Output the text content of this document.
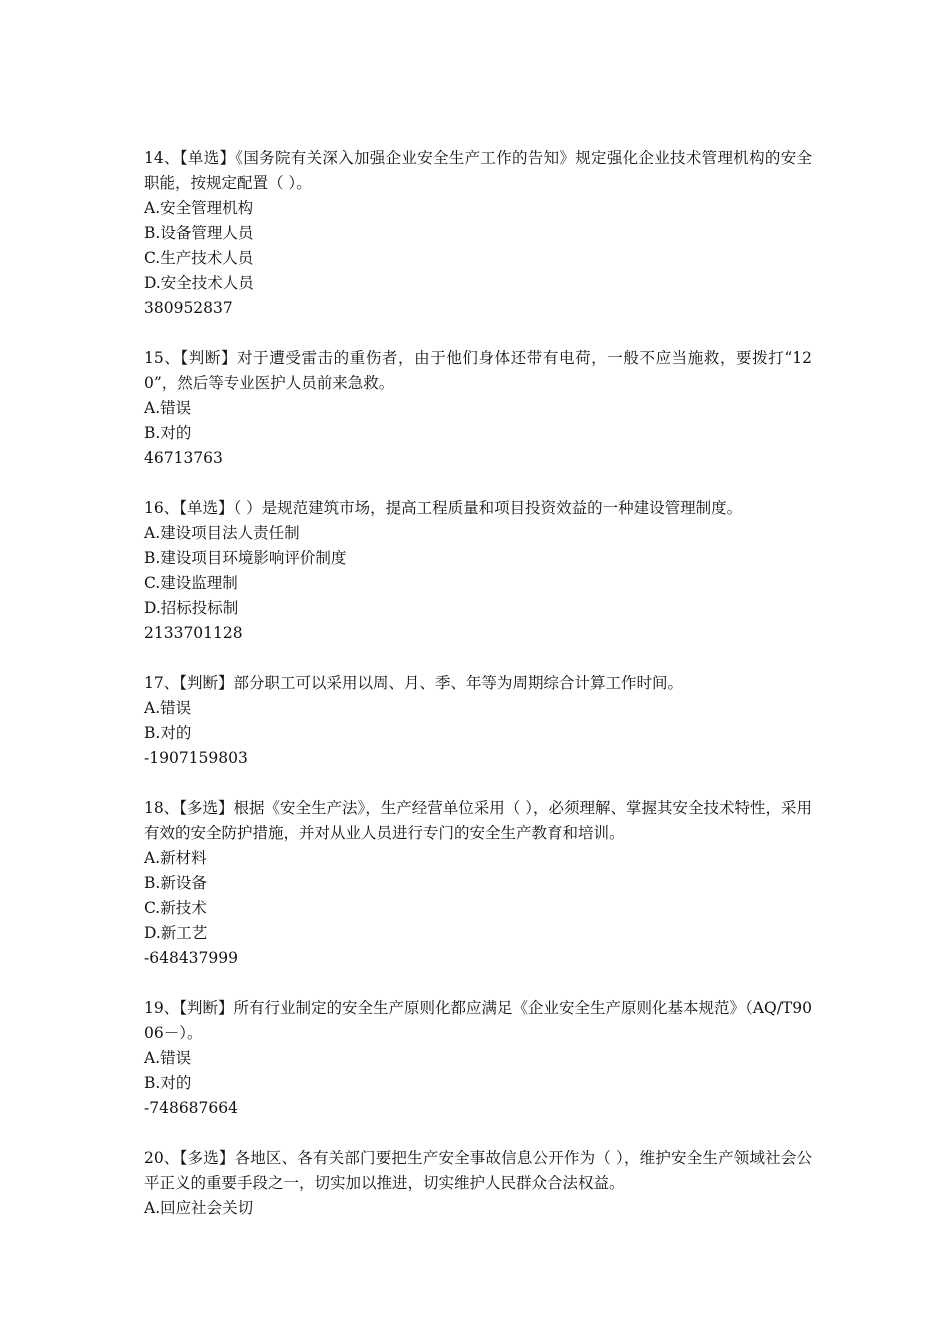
14、【单选】《国务院有关深入加强企业安全生产工作的告知》规定强化企业技术管理机构的安全职能，按规定配置（ ）。
A.安全管理机构
B.设备管理人员
C.生产技术人员
D.安全技术人员
380952837
15、【判断】对于遭受雷击的重伤者，由于他们身体还带有电荷，一般不应当施救，要拨打“120”，然后等专业医护人员前来急救。
A.错误
B.对的
46713763
16、【单选】（ ）是规范建筑市场，提高工程质量和项目投资效益的一种建设管理制度。
A.建设项目法人责任制
B.建设项目环境影响评价制度
C.建设监理制
D.招标投标制
2133701128
17、【判断】部分职工可以采用以周、月、季、年等为周期综合计算工作时间。
A.错误
B.对的
-1907159803
18、【多选】根据《安全生产法》，生产经营单位采用（ ），必须理解、掌握其安全技术特性，采用有效的安全防护措施，并对从业人员进行专门的安全生产教育和培训。
A.新材料
B.新设备
C.新技术
D.新工艺
-648437999
19、【判断】所有行业制定的安全生产原则化都应满足《企业安全生产原则化基本规范》（AQ/T9006－）。
A.错误
B.对的
-748687664
20、【多选】各地区、各有关部门要把生产安全事故信息公开作为（ ），维护安全生产领域社会公平正义的重要手段之一，切实加以推进，切实维护人民群众合法权益。
A.回应社会关切
